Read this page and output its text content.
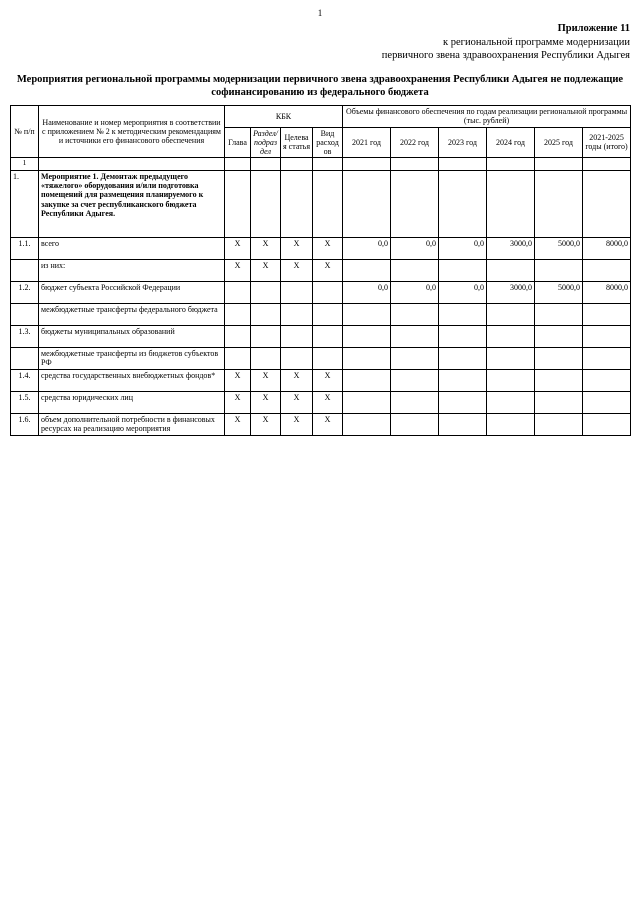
1
Приложение 11
к региональной программе модернизации
первичного звена здравоохранения Республики Адыгея
Мероприятия региональной программы модернизации первичного звена здравоохранения Республики Адыгея не подлежащие софинансированию из федерального бюджета
№ п/п	Наименование и номер мероприятия в соответствии с приложением № 2 к методическим рекомендациям и источники его финансового обеспечения	КБК				Объемы финансового обеспечения по годам реализации региональной программы (тыс. рублей)					
		Глава	Раздел/ подраздел	Целевая статья	Вид расходов	2021 год	2022 год	2023 год	2024 год	2025 год	2021-2025 годы (итого)
1											
1.	Мероприятие 1. Демонтаж предыдущего «тяжелого» оборудования и/или подготовка помещений для размещения планируемого к закупке за счет республиканского бюджета Республики Адыгея.										
1.1.	всего	X	X	X	X	0,0	0,0	0,0	3000,0	5000,0	8000,0
	из них:	X	X	X	X						
1.2.	бюджет субъекта Российской Федерации					0,0	0,0	0,0	3000,0	5000,0	8000,0
	межбюджетные трансферты федерального бюджета										
1.3.	бюджеты муниципальных образований										
	межбюджетные трансферты из бюджетов субъектов РФ										
1.4.	средства государственных внебюджетных фондов*	X	X	X	X						
1.5.	средства юридических лиц	X	X	X	X						
1.6.	объем дополнительной потребности в финансовых ресурсах на реализацию мероприятия	X	X	X	X						
